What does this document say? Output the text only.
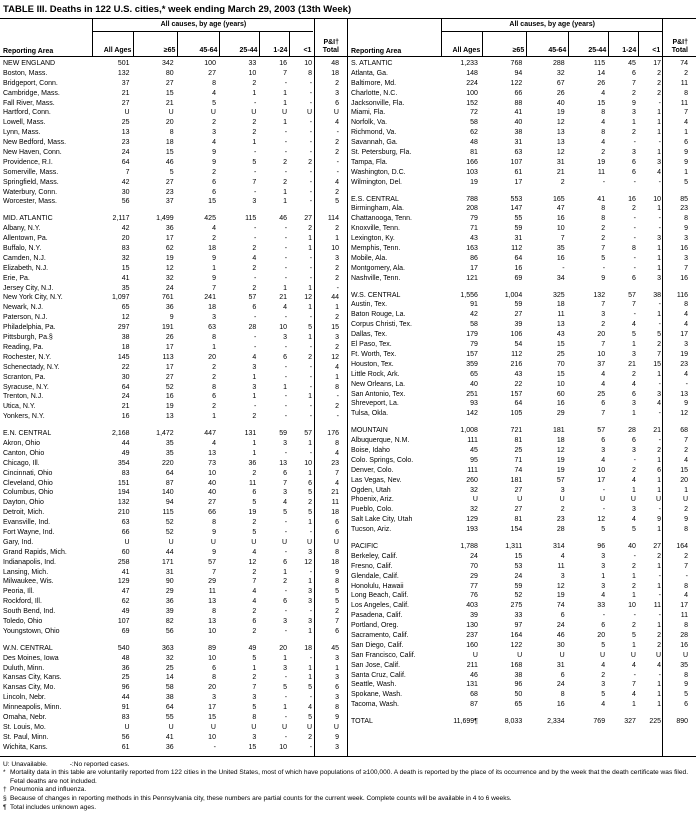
TABLE III. Deaths in 122 U.S. cities,* week ending March 29, 2003 (13th Week)
Reporting Area
All causes, by age (years)
All Ages	≥65	45-64	25-44	1-24	<1
P&I† Total
NEW ENGLAND	501	342	100	33	16	10	48
Boston, Mass.	132	80	27	10	7	8	18
Bridgeport, Conn.	37	27	8	2	-	-	2
Cambridge, Mass.	21	15	4	1	1	-	3
Fall River, Mass.	27	21	5	-	1	-	6
Hartford, Conn.	U	U	U	U	U	U	U
Lowell, Mass.	25	20	2	2	1	-	4
Lynn, Mass.	13	8	3	2	-	-	-
New Bedford, Mass.	23	18	4	1	-	-	2
New Haven, Conn.	24	15	9	-	-	-	2
Providence, R.I.	64	46	9	5	2	2	-
Somerville, Mass.	7	5	2	-	-	-	-
Springfield, Mass.	42	27	6	7	2	-	4
Waterbury, Conn.	30	23	6	-	1	-	2
Worcester, Mass.	56	37	15	3	1	-	5
MID. ATLANTIC	2,117	1,499	425	115	46	27	114
Albany, N.Y.	42	36	4	-	-	2	2
Allentown, Pa.	20	17	2	-	-	1	1
Buffalo, N.Y.	83	62	18	2	-	1	10
Camden, N.J.	32	19	9	4	-	-	3
Elizabeth, N.J.	15	12	1	2	-	-	2
Erie, Pa.	41	32	9	-	-	-	2
Jersey City, N.J.	35	24	7	2	1	1	-
New York City, N.Y.	1,097	761	241	57	21	12	44
Newark, N.J.	65	36	18	6	4	1	1
Paterson, N.J.	12	9	3	-	-	-	2
Philadelphia, Pa.	297	191	63	28	10	5	15
Pittsburgh, Pa.§	38	26	8	-	3	1	3
Reading, Pa.	18	17	1	-	-	-	2
Rochester, N.Y.	145	113	20	4	6	2	12
Schenectady, N.Y.	22	17	2	3	-	-	4
Scranton, Pa.	30	27	2	1	-	-	1
Syracuse, N.Y.	64	52	8	3	1	-	8
Trenton, N.J.	24	16	6	1	-	1	-
Utica, N.Y.	21	19	2	-	-	-	2
Yonkers, N.Y.	16	13	1	2	-	-	-
E.N. CENTRAL	2,168	1,472	447	131	59	57	176
Akron, Ohio	44	35	4	1	3	1	8
Canton, Ohio	49	35	13	1	-	-	4
Chicago, Ill.	354	220	73	36	13	10	23
Cincinnati, Ohio	83	64	10	2	6	1	7
Cleveland, Ohio	151	87	40	11	7	6	4
Columbus, Ohio	194	140	40	6	3	5	21
Dayton, Ohio	132	94	27	5	4	2	11
Detroit, Mich.	210	115	66	19	5	5	18
Evansville, Ind.	63	52	8	2	-	1	6
Fort Wayne, Ind.	66	52	9	5	-	-	6
Gary, Ind.	U	U	U	U	U	U	U
Grand Rapids, Mich.	60	44	9	4	-	3	8
Indianapolis, Ind.	258	171	57	12	6	12	18
Lansing, Mich.	41	31	7	2	1	-	9
Milwaukee, Wis.	129	90	29	7	2	1	8
Peoria, Ill.	47	29	11	4	-	3	5
Rockford, Ill.	62	36	13	4	6	3	5
South Bend, Ind.	49	39	8	2	-	-	2
Toledo, Ohio	107	82	13	6	3	3	7
Youngstown, Ohio	69	56	10	2	-	1	6
W.N. CENTRAL	540	363	89	49	20	18	45
Des Moines, Iowa	48	32	10	5	1	-	3
Duluth, Minn.	36	25	6	1	3	1	1
Kansas City, Kans.	25	14	8	2	-	1	3
Kansas City, Mo.	96	58	20	7	5	5	6
Lincoln, Nebr.	44	38	3	3	-	-	3
Minneapolis, Minn.	91	64	17	5	1	4	8
Omaha, Nebr.	83	55	15	8	-	5	9
St. Louis, Mo.	U	U	U	U	U	U	U
St. Paul, Minn.	56	41	10	3	-	2	9
Wichita, Kans.	61	36	-	15	10	-	3
Reporting Area
All causes, by age (years)
All Ages	≥65	45-64	25-44	1-24	<1
P&I† Total
S. ATLANTIC	1,233	768	288	115	45	17	74
Atlanta, Ga.	148	94	32	14	6	2	2
Baltimore, Md.	224	122	67	26	7	2	11
Charlotte, N.C.	100	66	26	4	2	2	8
Jacksonville, Fla.	152	88	40	15	9	-	11
Miami, Fla.	72	41	19	8	3	1	7
Norfolk, Va.	58	40	12	4	1	1	4
Richmond, Va.	62	38	13	8	2	1	1
Savannah, Ga.	48	31	13	4	-	-	6
St. Petersburg, Fla.	81	63	12	2	3	1	9
Tampa, Fla.	166	107	31	19	6	3	9
Washington, D.C.	103	61	21	11	6	4	1
Wilmington, Del.	19	17	2	-	-	-	5
E.S. CENTRAL	788	553	165	41	16	10	85
Birmingham, Ala.	208	147	47	8	2	1	23
Chattanooga, Tenn.	79	55	16	8	-	-	8
Knoxville, Tenn.	71	59	10	2	-	-	9
Lexington, Ky.	43	31	7	2	-	3	3
Memphis, Tenn.	163	112	35	7	8	1	16
Mobile, Ala.	86	64	16	5	-	1	3
Montgomery, Ala.	17	16	-	-	-	1	7
Nashville, Tenn.	121	69	34	9	6	3	16
W.S. CENTRAL	1,556	1,004	325	132	57	38	116
Austin, Tex.	91	59	18	7	7	-	8
Baton Rouge, La.	42	27	11	3	-	1	4
Corpus Christi, Tex.	58	39	13	2	4	-	4
Dallas, Tex.	179	106	43	20	5	5	17
El Paso, Tex.	79	54	15	7	1	2	3
Ft. Worth, Tex.	157	112	25	10	3	7	19
Houston, Tex.	359	216	70	37	21	15	23
Little Rock, Ark.	65	43	15	4	2	1	4
New Orleans, La.	40	22	10	4	4	-	-
San Antonio, Tex.	251	157	60	25	6	3	13
Shreveport, La.	93	64	16	6	3	4	9
Tulsa, Okla.	142	105	29	7	1	-	12
MOUNTAIN	1,008	721	181	57	28	21	68
Albuquerque, N.M.	111	81	18	6	6	-	7
Boise, Idaho	45	25	12	3	3	2	2
Colo. Springs, Colo.	95	71	19	4	-	1	4
Denver, Colo.	111	74	19	10	2	6	15
Las Vegas, Nev.	260	181	57	17	4	1	20
Ogden, Utah	32	27	3	-	1	1	1
Phoenix, Ariz.	U	U	U	U	U	U	U
Pueblo, Colo.	32	27	2	-	3	-	2
Salt Lake City, Utah	129	81	23	12	4	9	9
Tucson, Ariz.	193	154	28	5	5	1	8
PACIFIC	1,788	1,311	314	96	40	27	164
Berkeley, Calif.	24	15	4	3	-	2	2
Fresno, Calif.	70	53	11	3	2	1	7
Glendale, Calif.	29	24	3	1	1	-	-
Honolulu, Hawaii	77	59	12	3	2	1	8
Long Beach, Calif.	76	52	19	4	1	-	4
Los Angeles, Calif.	403	275	74	33	10	11	17
Pasadena, Calif.	39	33	6	-	-	-	11
Portland, Oreg.	130	97	24	6	2	1	8
Sacramento, Calif.	237	164	46	20	5	2	28
San Diego, Calif.	160	122	30	5	1	2	16
San Francisco, Calif.	U	U	U	U	U	U	U
San Jose, Calif.	211	168	31	4	4	4	35
Santa Cruz, Calif.	46	38	6	2	-	-	8
Seattle, Wash.	131	96	24	3	7	1	9
Spokane, Wash.	68	50	8	5	4	1	5
Tacoma, Wash.	87	65	16	4	1	1	6
TOTAL	11,699¶	8,033	2,334	769	327	225	890
U: Unavailable.	-:No reported cases.
* Mortality data in this table are voluntarily reported from 122 cities in the United States, most of which have populations of ≥100,000. A death is reported by the place of its occurrence and by the week that the death certificate was filed. Fetal deaths are not included.
† Pneumonia and influenza.
§ Because of changes in reporting methods in this Pennsylvania city, these numbers are partial counts for the current week. Complete counts will be available in 4 to 6 weeks.
¶ Total includes unknown ages.
